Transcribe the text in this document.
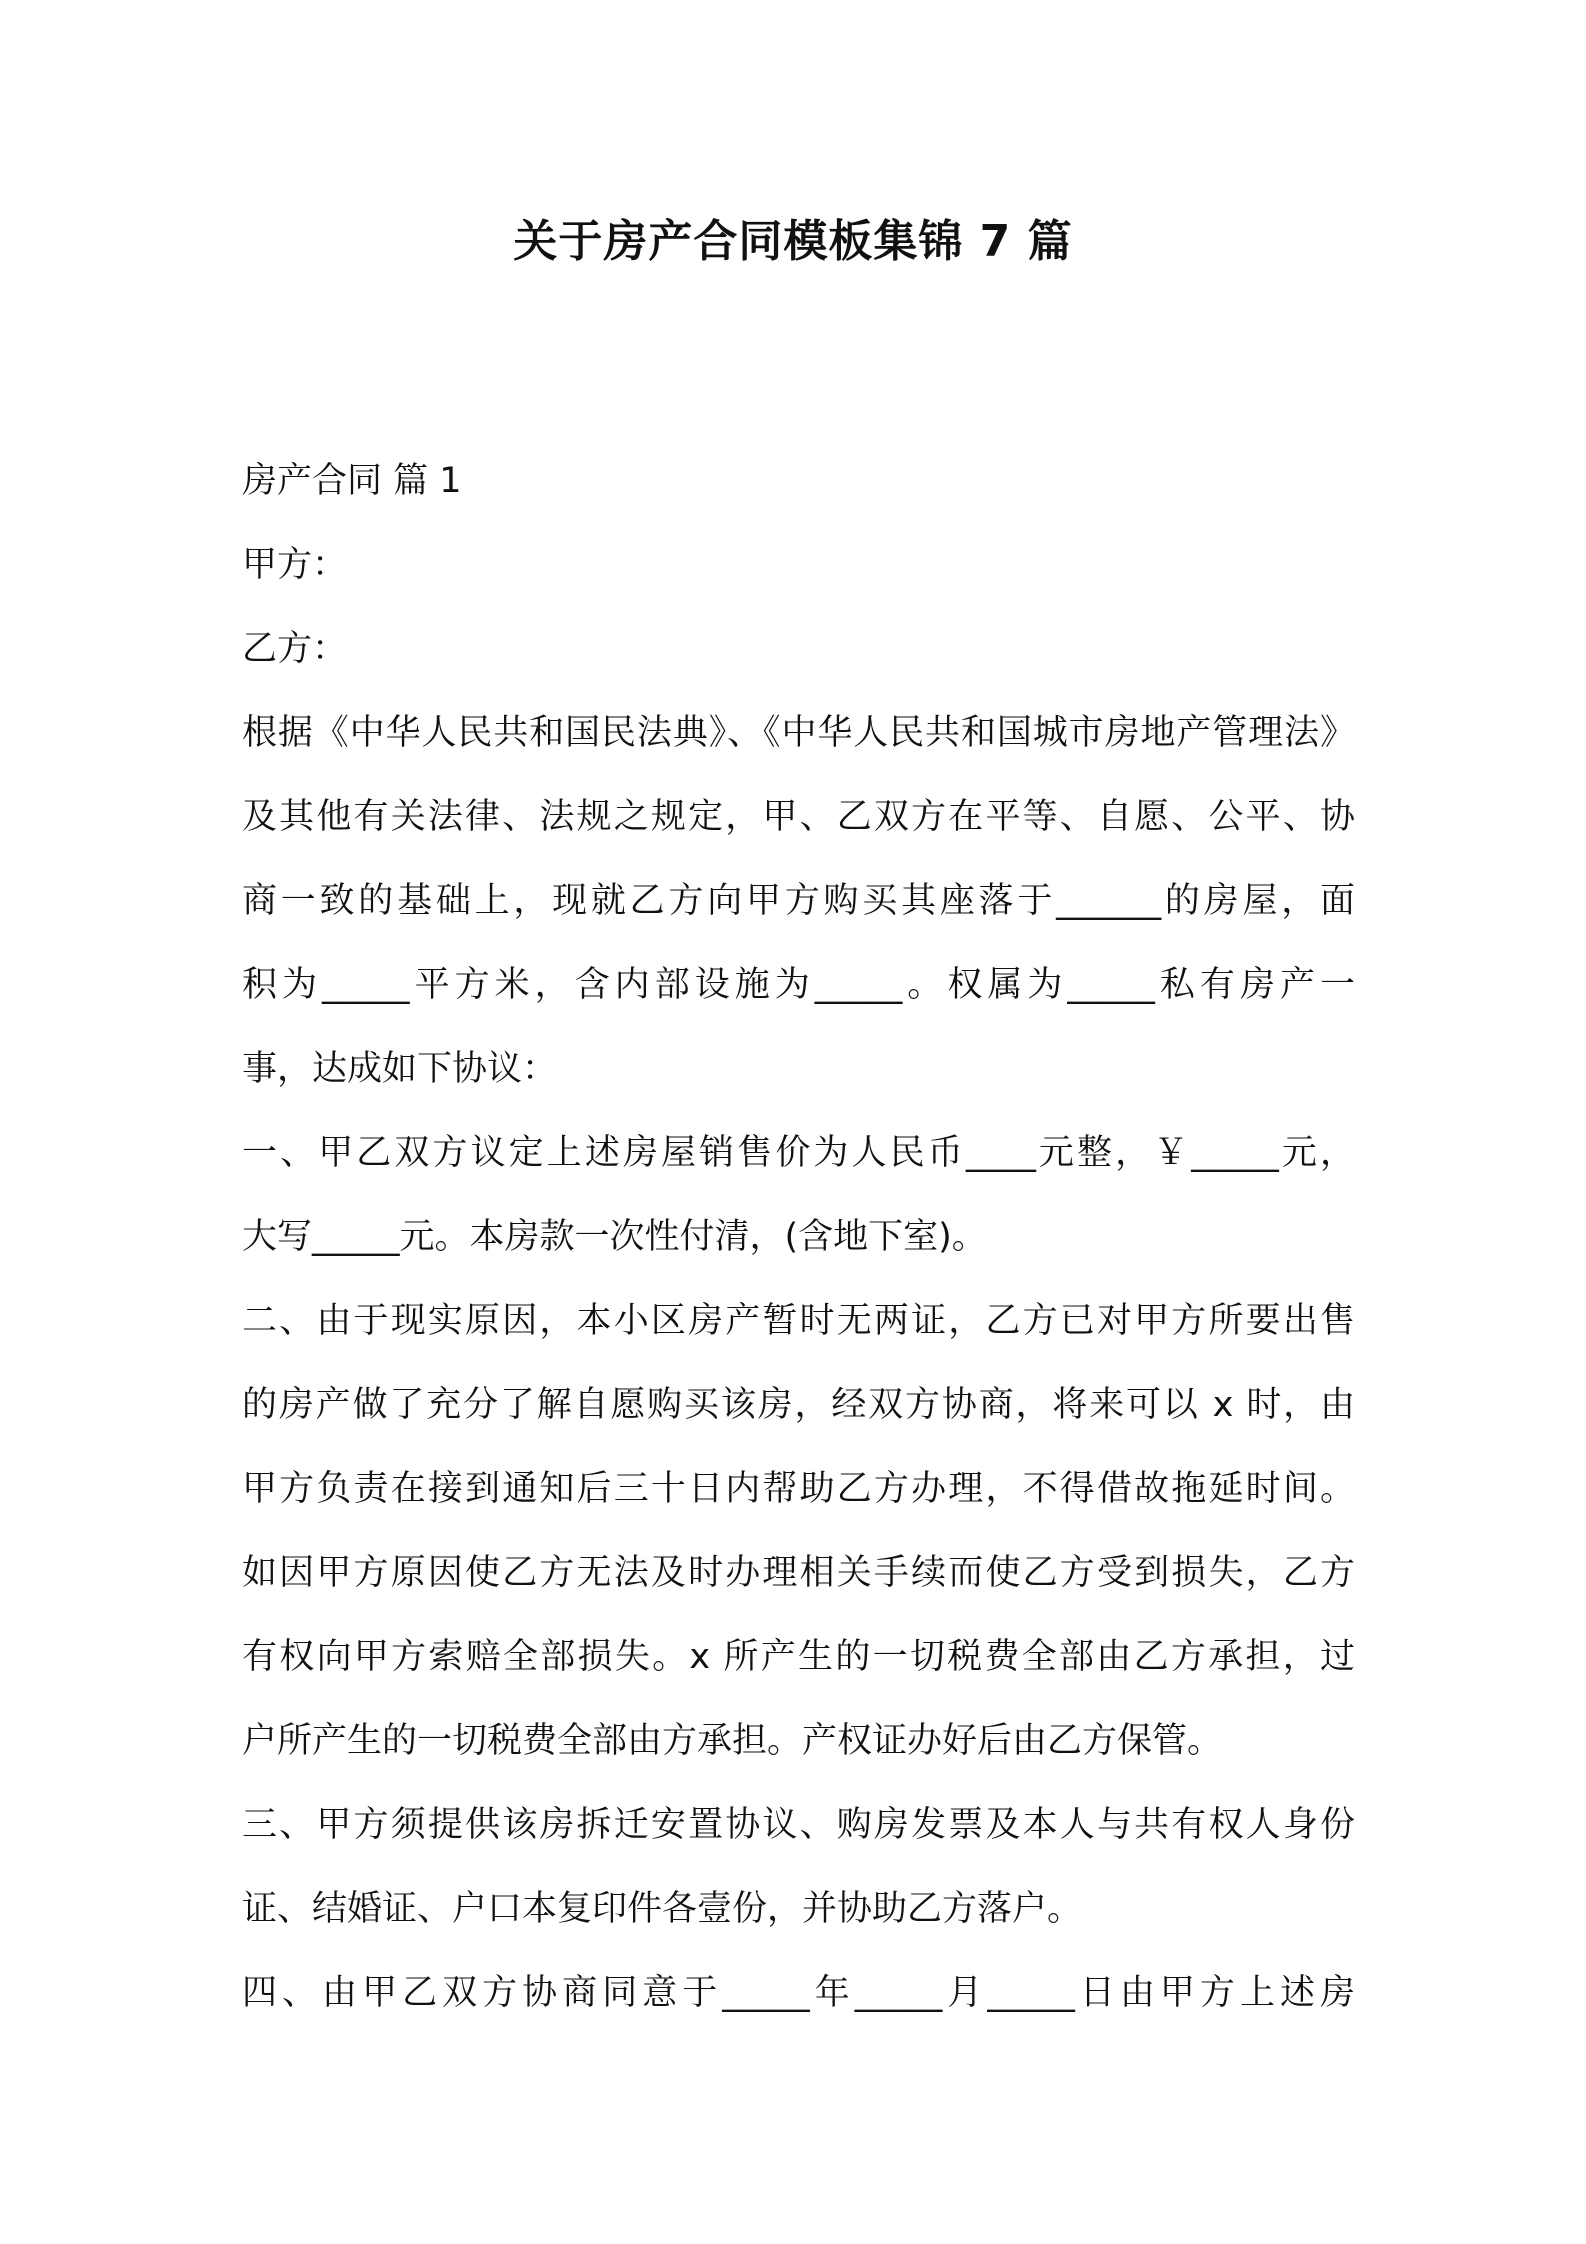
关于房产合同模板集锦 7 篇

房产合同 篇 1

甲方：

乙方：

根据《中华人民共和国民法典》、《中华人民共和国城市房地产管理法》

及其他有关法律、法规之规定，甲、乙双方在平等、自愿、公平、协

商一致的基础上，现就乙方向甲方购买其座落于______的房屋，面

积为_____平方米，含内部设施为_____。权属为_____私有房产一

事，达成如下协议：

一、甲乙双方议定上述房屋销售价为人民币____元整，￥_____元，

大写_____元。本房款一次性付清，(含地下室)。

二、由于现实原因，本小区房产暂时无两证，乙方已对甲方所要出售

的房产做了充分了解自愿购买该房，经双方协商，将来可以 x 时，由

甲方负责在接到通知后三十日内帮助乙方办理，不得借故拖延时间。

如因甲方原因使乙方无法及时办理相关手续而使乙方受到损失，乙方

有权向甲方索赔全部损失。x 所产生的一切税费全部由乙方承担，过

户所产生的一切税费全部由方承担。产权证办好后由乙方保管。

三、甲方须提供该房拆迁安置协议、购房发票及本人与共有权人身份

证、结婚证、户口本复印件各壹份，并协助乙方落户。

四、由甲乙双方协商同意于_____年_____月_____日由甲方上述房
